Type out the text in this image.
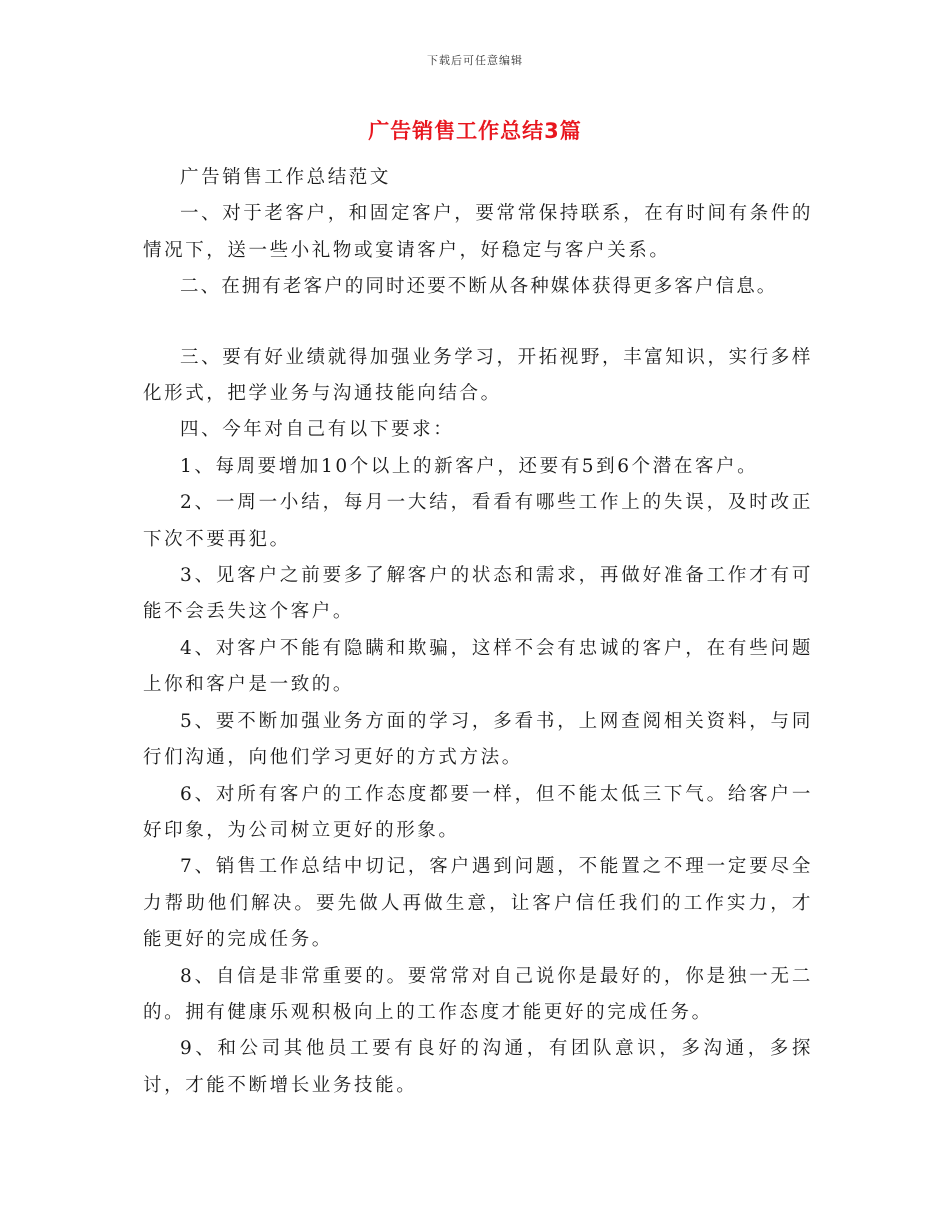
下载后可任意编辑
广告销售工作总结3篇

广告销售工作总结范文

一、对于老客户，和固定客户，要常常保持联系，在有时间有条件的情况下，送一些小礼物或宴请客户，好稳定与客户关系。

二、在拥有老客户的同时还要不断从各种媒体获得更多客户信息。

三、要有好业绩就得加强业务学习，开拓视野，丰富知识，实行多样化形式，把学业务与沟通技能向结合。

四、今年对自己有以下要求：

1、每周要增加10个以上的新客户，还要有5到6个潜在客户。

2、一周一小结，每月一大结，看看有哪些工作上的失误，及时改正下次不要再犯。

3、见客户之前要多了解客户的状态和需求，再做好准备工作才有可能不会丢失这个客户。

4、对客户不能有隐瞒和欺骗，这样不会有忠诚的客户，在有些问题上你和客户是一致的。

5、要不断加强业务方面的学习，多看书，上网查阅相关资料，与同行们沟通，向他们学习更好的方式方法。

6、对所有客户的工作态度都要一样，但不能太低三下气。给客户一好印象，为公司树立更好的形象。

7、销售工作总结中切记，客户遇到问题，不能置之不理一定要尽全力帮助他们解决。要先做人再做生意，让客户信任我们的工作实力，才能更好的完成任务。

8、自信是非常重要的。要常常对自己说你是最好的，你是独一无二的。拥有健康乐观积极向上的工作态度才能更好的完成任务。

9、和公司其他员工要有良好的沟通，有团队意识，多沟通，多探讨，才能不断增长业务技能。
